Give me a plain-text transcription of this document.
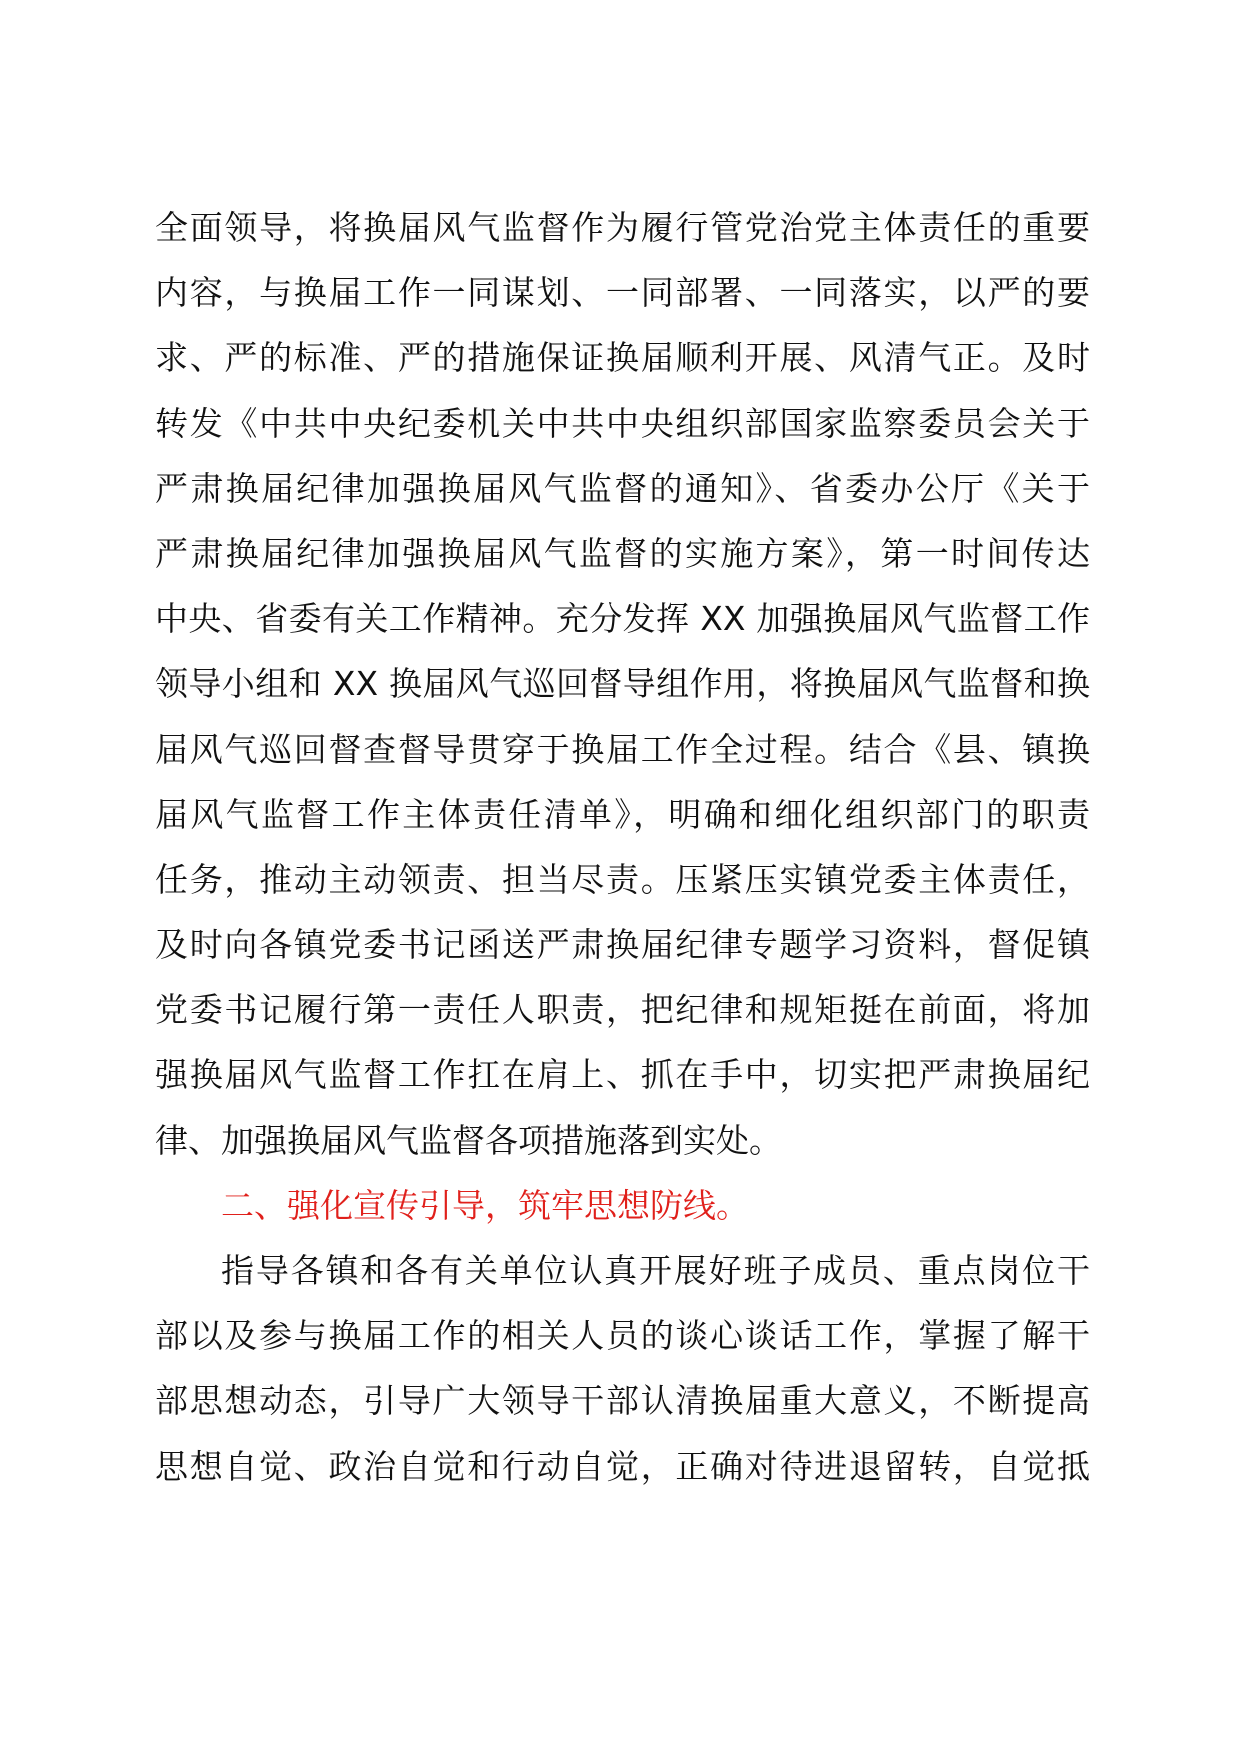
全面领导，将换届风气监督作为履行管党治党主体责任的重要
内容，与换届工作一同谋划、一同部署、一同落实，以严的要
求、严的标准、严的措施保证换届顺利开展、风清气正。及时
转发《中共中央纪委机关中共中央组织部国家监察委员会关于
严肃换届纪律加强换届风气监督的通知》、省委办公厅《关于
严肃换届纪律加强换届风气监督的实施方案》，第一时间传达
中央、省委有关工作精神。充分发挥 XX 加强换届风气监督工作
领导小组和 XX 换届风气巡回督导组作用，将换届风气监督和换
届风气巡回督查督导贯穿于换届工作全过程。结合《县、镇换
届风气监督工作主体责任清单》，明确和细化组织部门的职责
任务，推动主动领责、担当尽责。压紧压实镇党委主体责任，
及时向各镇党委书记函送严肃换届纪律专题学习资料，督促镇
党委书记履行第一责任人职责，把纪律和规矩挺在前面，将加
强换届风气监督工作扛在肩上、抓在手中，切实把严肃换届纪
律、加强换届风气监督各项措施落到实处。
二、强化宣传引导，筑牢思想防线。
指导各镇和各有关单位认真开展好班子成员、重点岗位干
部以及参与换届工作的相关人员的谈心谈话工作，掌握了解干
部思想动态，引导广大领导干部认清换届重大意义，不断提高
思想自觉、政治自觉和行动自觉，正确对待进退留转，自觉抵
